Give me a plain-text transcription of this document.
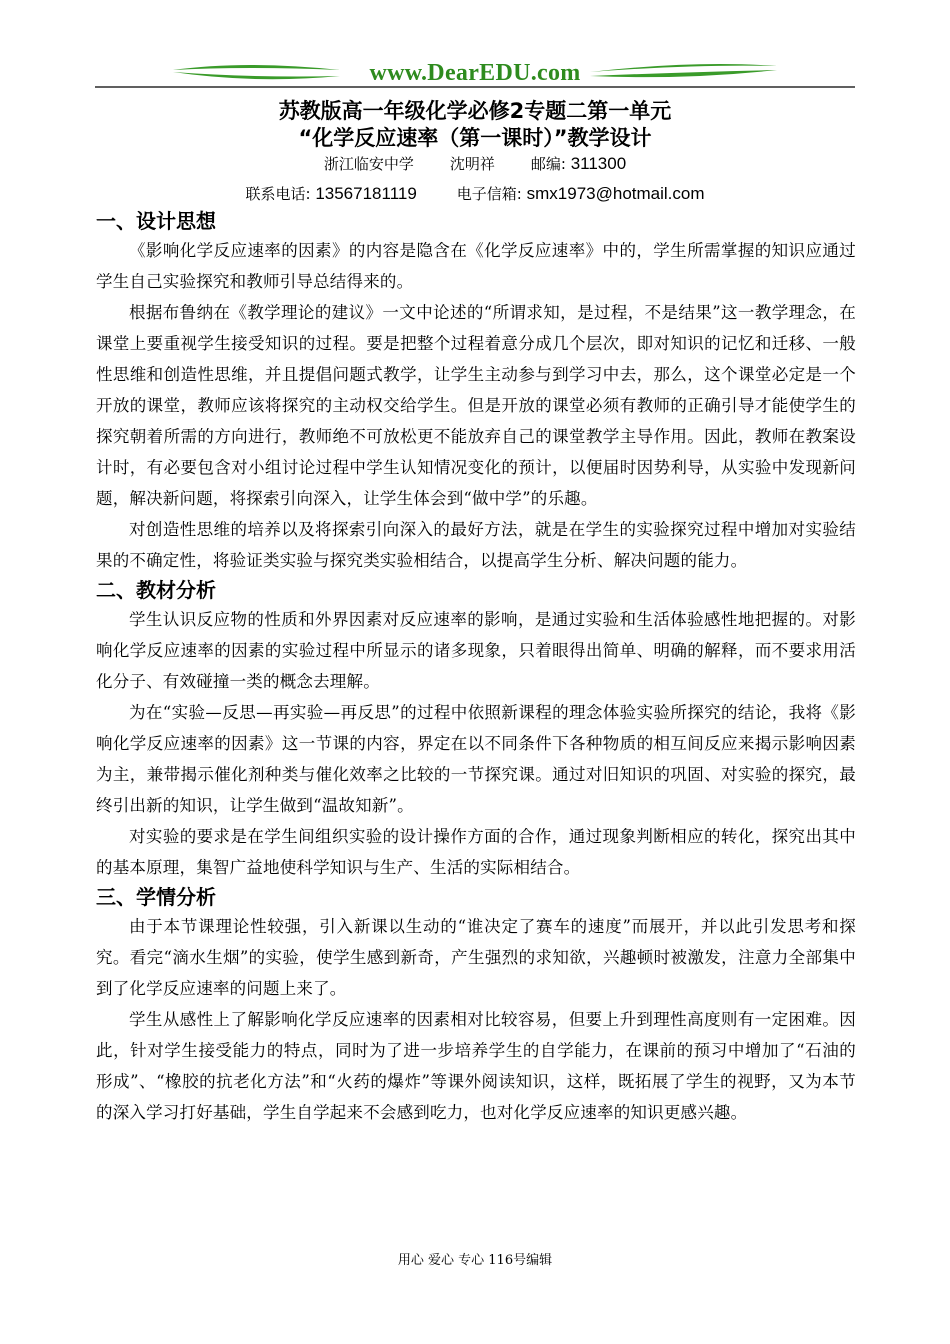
www.DearEDU.com
苏教版高一年级化学必修2专题二第一单元
“化学反应速率（第一课时）”教学设计
浙江临安中学 沈明祥 邮编: 311300
联系电话: 13567181119	电子信箱: smx1973@hotmail.com
一、设计思想

《影响化学反应速率的因素》的内容是隐含在《化学反应速率》中的，学生所需掌握的知识应通过学生自己实验探究和教师引导总结得来的。

根据布鲁纳在《教学理论的建议》一文中论述的“所谓求知，是过程，不是结果”这一教学理念，在课堂上要重视学生接受知识的过程。要是把整个过程着意分成几个层次，即对知识的记忆和迁移、一般性思维和创造性思维，并且提倡问题式教学，让学生主动参与到学习中去，那么，这个课堂必定是一个开放的课堂，教师应该将探究的主动权交给学生。但是开放的课堂必须有教师的正确引导才能使学生的探究朝着所需的方向进行，教师绝不可放松更不能放弃自己的课堂教学主导作用。因此，教师在教案设计时，有必要包含对小组讨论过程中学生认知情况变化的预计，以便届时因势利导，从实验中发现新问题，解决新问题，将探索引向深入，让学生体会到“做中学”的乐趣。

对创造性思维的培养以及将探索引向深入的最好方法，就是在学生的实验探究过程中增加对实验结果的不确定性，将验证类实验与探究类实验相结合，以提高学生分析、解决问题的能力。

二、教材分析

学生认识反应物的性质和外界因素对反应速率的影响，是通过实验和生活体验感性地把握的。对影响化学反应速率的因素的实验过程中所显示的诸多现象，只着眼得出简单、明确的解释，而不要求用活化分子、有效碰撞一类的概念去理解。

为在“实验—反思—再实验—再反思”的过程中依照新课程的理念体验实验所探究的结论，我将《影响化学反应速率的因素》这一节课的内容，界定在以不同条件下各种物质的相互间反应来揭示影响因素为主，兼带揭示催化剂种类与催化效率之比较的一节探究课。通过对旧知识的巩固、对实验的探究，最终引出新的知识，让学生做到“温故知新”。

对实验的要求是在学生间组织实验的设计操作方面的合作，通过现象判断相应的转化，探究出其中的基本原理，集智广益地使科学知识与生产、生活的实际相结合。

三、学情分析

由于本节课理论性较强，引入新课以生动的“谁决定了赛车的速度”而展开，并以此引发思考和探究。看完“滴水生烟”的实验，使学生感到新奇，产生强烈的求知欲，兴趣顿时被激发，注意力全部集中到了化学反应速率的问题上来了。

学生从感性上了解影响化学反应速率的因素相对比较容易，但要上升到理性高度则有一定困难。因此，针对学生接受能力的特点，同时为了进一步培养学生的自学能力，在课前的预习中增加了“石油的形成”、“橡胶的抗老化方法”和“火药的爆炸”等课外阅读知识，这样，既拓展了学生的视野，又为本节的深入学习打好基础，学生自学起来不会感到吃力，也对化学反应速率的知识更感兴趣。

用心 爱心 专心 116号编辑
